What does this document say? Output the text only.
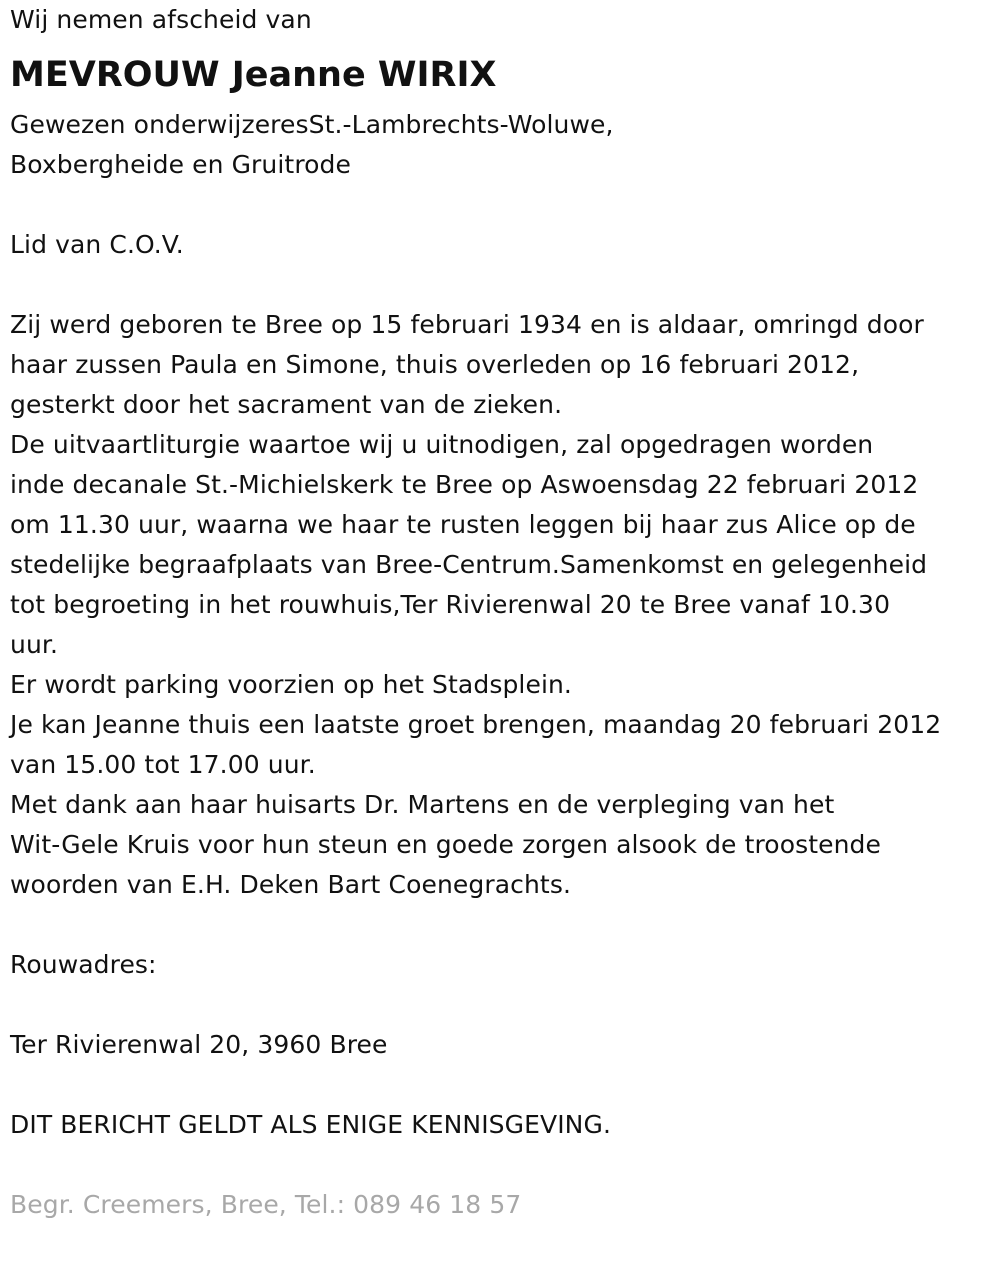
Wij nemen afscheid van
MEVROUW Jeanne WIRIX
Gewezen onderwijzeresSt.-Lambrechts-Woluwe,
Boxbergheide en Gruitrode
Lid van C.O.V.
Zij werd geboren te Bree op 15 februari 1934 en is aldaar, omringd door
haar zussen Paula en Simone, thuis overleden op 16 februari 2012,
gesterkt door het sacrament van de zieken.
De uitvaartliturgie waartoe wij u uitnodigen, zal opgedragen worden
inde decanale St.-Michielskerk te Bree op Aswoensdag 22 februari 2012
om 11.30 uur, waarna we haar te rusten leggen bij haar zus Alice op de
stedelijke begraafplaats van Bree-Centrum.Samenkomst en gelegenheid
tot begroeting in het rouwhuis,Ter Rivierenwal 20 te Bree vanaf 10.30
uur.
Er wordt parking voorzien op het Stadsplein.
Je kan Jeanne thuis een laatste groet brengen, maandag 20 februari 2012
van 15.00 tot 17.00 uur.
Met dank aan haar huisarts Dr. Martens en de verpleging van het
Wit-Gele Kruis voor hun steun en goede zorgen alsook de troostende
woorden van E.H. Deken Bart Coenegrachts.
Rouwadres:
Ter Rivierenwal 20, 3960 Bree
DIT BERICHT GELDT ALS ENIGE KENNISGEVING.
Begr. Creemers, Bree, Tel.: 089 46 18 57
